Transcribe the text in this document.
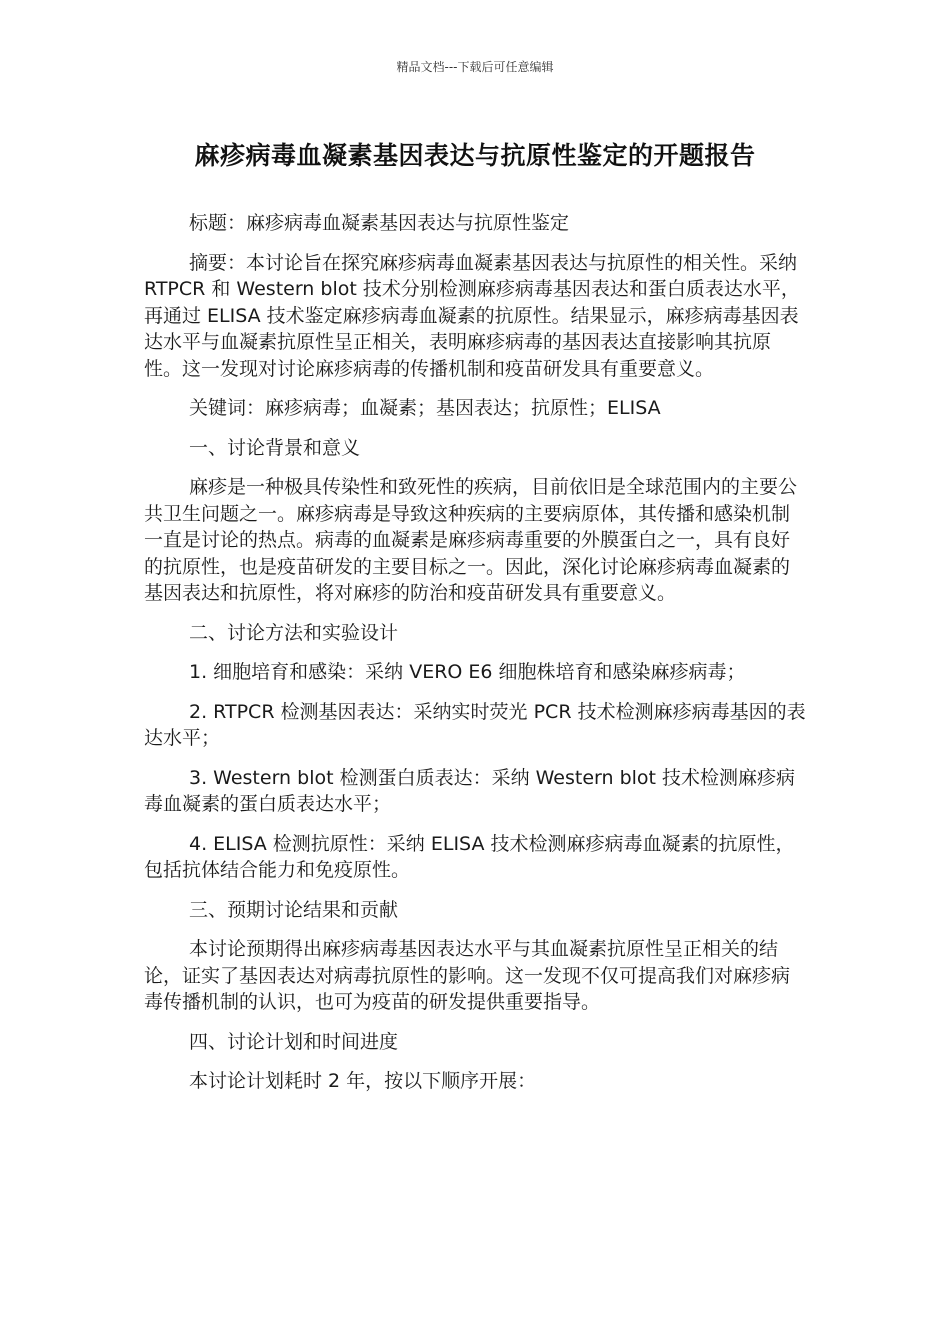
精品文档---下载后可任意编辑
麻疹病毒血凝素基因表达与抗原性鉴定的开题报告

标题：麻疹病毒血凝素基因表达与抗原性鉴定

摘要：本讨论旨在探究麻疹病毒血凝素基因表达与抗原性的相关性。采纳 RTPCR 和 Western blot 技术分别检测麻疹病毒基因表达和蛋白质表达水平，再通过 ELISA 技术鉴定麻疹病毒血凝素的抗原性。结果显示，麻疹病毒基因表达水平与血凝素抗原性呈正相关，表明麻疹病毒的基因表达直接影响其抗原性。这一发现对讨论麻疹病毒的传播机制和疫苗研发具有重要意义。

关键词：麻疹病毒；血凝素；基因表达；抗原性；ELISA

一、讨论背景和意义

麻疹是一种极具传染性和致死性的疾病，目前依旧是全球范围内的主要公共卫生问题之一。麻疹病毒是导致这种疾病的主要病原体，其传播和感染机制一直是讨论的热点。病毒的血凝素是麻疹病毒重要的外膜蛋白之一，具有良好的抗原性，也是疫苗研发的主要目标之一。因此，深化讨论麻疹病毒血凝素的基因表达和抗原性，将对麻疹的防治和疫苗研发具有重要意义。

二、讨论方法和实验设计

1. 细胞培育和感染：采纳 VERO E6 细胞株培育和感染麻疹病毒；

2. RTPCR 检测基因表达：采纳实时荧光 PCR 技术检测麻疹病毒基因的表达水平；

3. Western blot 检测蛋白质表达：采纳 Western blot 技术检测麻疹病毒血凝素的蛋白质表达水平；

4. ELISA 检测抗原性：采纳 ELISA 技术检测麻疹病毒血凝素的抗原性，包括抗体结合能力和免疫原性。

三、预期讨论结果和贡献

本讨论预期得出麻疹病毒基因表达水平与其血凝素抗原性呈正相关的结论，证实了基因表达对病毒抗原性的影响。这一发现不仅可提高我们对麻疹病毒传播机制的认识，也可为疫苗的研发提供重要指导。

四、讨论计划和时间进度

本讨论计划耗时 2 年，按以下顺序开展：
